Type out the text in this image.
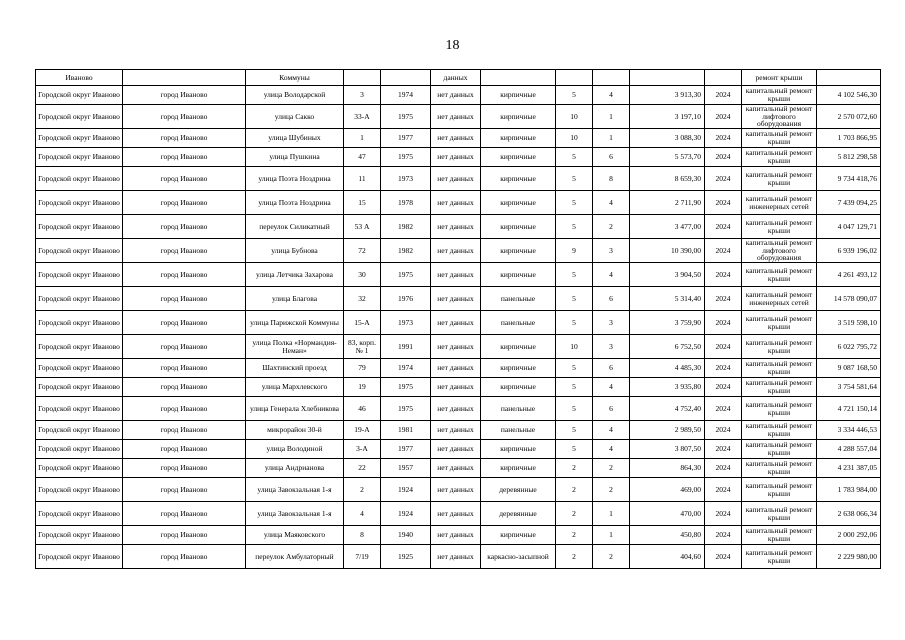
18
Иваново		Коммуны			данных						ремонт крыши	
Городской округ Иваново	город Иваново	улица Володарской	3	1974	нет данных	кирпичные	5	4	3 913,30	2024	капитальный ремонт крыши	4 102 546,30
Городской округ Иваново	город Иваново	улица Сакко	33-А	1975	нет данных	кирпичные	10	1	3 197,10	2024	капитальный ремонт лифтового оборудования	2 570 072,60
Городской округ Иваново	город Иваново	улица Шубиных	1	1977	нет данных	кирпичные	10	1	3 088,30	2024	капитальный ремонт крыши	1 703 866,95
Городской округ Иваново	город Иваново	улица Пушкина	47	1975	нет данных	кирпичные	5	6	5 573,70	2024	капитальный ремонт крыши	5 812 298,58
Городской округ Иваново	город Иваново	улица Поэта Ноздрина	11	1973	нет данных	кирпичные	5	8	8 659,30	2024	капитальный ремонт крыши	9 734 418,76
Городской округ Иваново	город Иваново	улица Поэта Ноздрина	15	1978	нет данных	кирпичные	5	4	2 711,90	2024	капитальный ремонт инженерных сетей	7 439 094,25
Городской округ Иваново	город Иваново	переулок Силикатный	53 А	1982	нет данных	кирпичные	5	2	3 477,00	2024	капитальный ремонт крыши	4 047 129,71
Городской округ Иваново	город Иваново	улица Бубнова	72	1982	нет данных	кирпичные	9	3	10 390,00	2024	капитальный ремонт лифтового оборудования	6 939 196,02
Городской округ Иваново	город Иваново	улица Летчика Захарова	30	1975	нет данных	кирпичные	5	4	3 904,50	2024	капитальный ремонт крыши	4 261 493,12
Городской округ Иваново	город Иваново	улица Благова	32	1976	нет данных	панельные	5	6	5 314,40	2024	капитальный ремонт инженерных сетей	14 578 090,07
Городской округ Иваново	город Иваново	улица Парижской Коммуны	15-А	1973	нет данных	панельные	5	3	3 759,90	2024	капитальный ремонт крыши	3 519 598,10
Городской округ Иваново	город Иваново	улица Полка «Нормандия-Неман»	83, корп. № 1	1991	нет данных	кирпичные	10	3	6 752,50	2024	капитальный ремонт крыши	6 022 795,72
Городской округ Иваново	город Иваново	Шахтинский проезд	79	1974	нет данных	кирпичные	5	6	4 485,30	2024	капитальный ремонт крыши	9 087 168,50
Городской округ Иваново	город Иваново	улица Мархлевского	19	1975	нет данных	кирпичные	5	4	3 935,80	2024	капитальный ремонт крыши	3 754 581,64
Городской округ Иваново	город Иваново	улица Генерала Хлебникова	46	1975	нет данных	панельные	5	6	4 752,40	2024	капитальный ремонт крыши	4 721 150,14
Городской округ Иваново	город Иваново	микрорайон 30-й	19-А	1981	нет данных	панельные	5	4	2 989,50	2024	капитальный ремонт крыши	3 334 446,53
Городской округ Иваново	город Иваново	улица Володиной	3-А	1977	нет данных	кирпичные	5	4	3 807,50	2024	капитальный ремонт крыши	4 288 557,04
Городской округ Иваново	город Иваново	улица Андрианова	22	1957	нет данных	кирпичные	2	2	864,30	2024	капитальный ремонт крыши	4 231 387,05
Городской округ Иваново	город Иваново	улица Завокзальная 1-я	2	1924	нет данных	деревянные	2	2	469,00	2024	капитальный ремонт крыши	1 783 984,00
Городской округ Иваново	город Иваново	улица Завокзальная 1-я	4	1924	нет данных	деревянные	2	1	470,00	2024	капитальный ремонт крыши	2 638 066,34
Городской округ Иваново	город Иваново	улица Маяковского	8	1940	нет данных	кирпичные	2	1	450,80	2024	капитальный ремонт крыши	2 000 292,06
Городской округ Иваново	город Иваново	переулок Амбулаторный	7/19	1925	нет данных	каркасно-засыпной	2	2	404,60	2024	капитальный ремонт крыши	2 229 980,00
